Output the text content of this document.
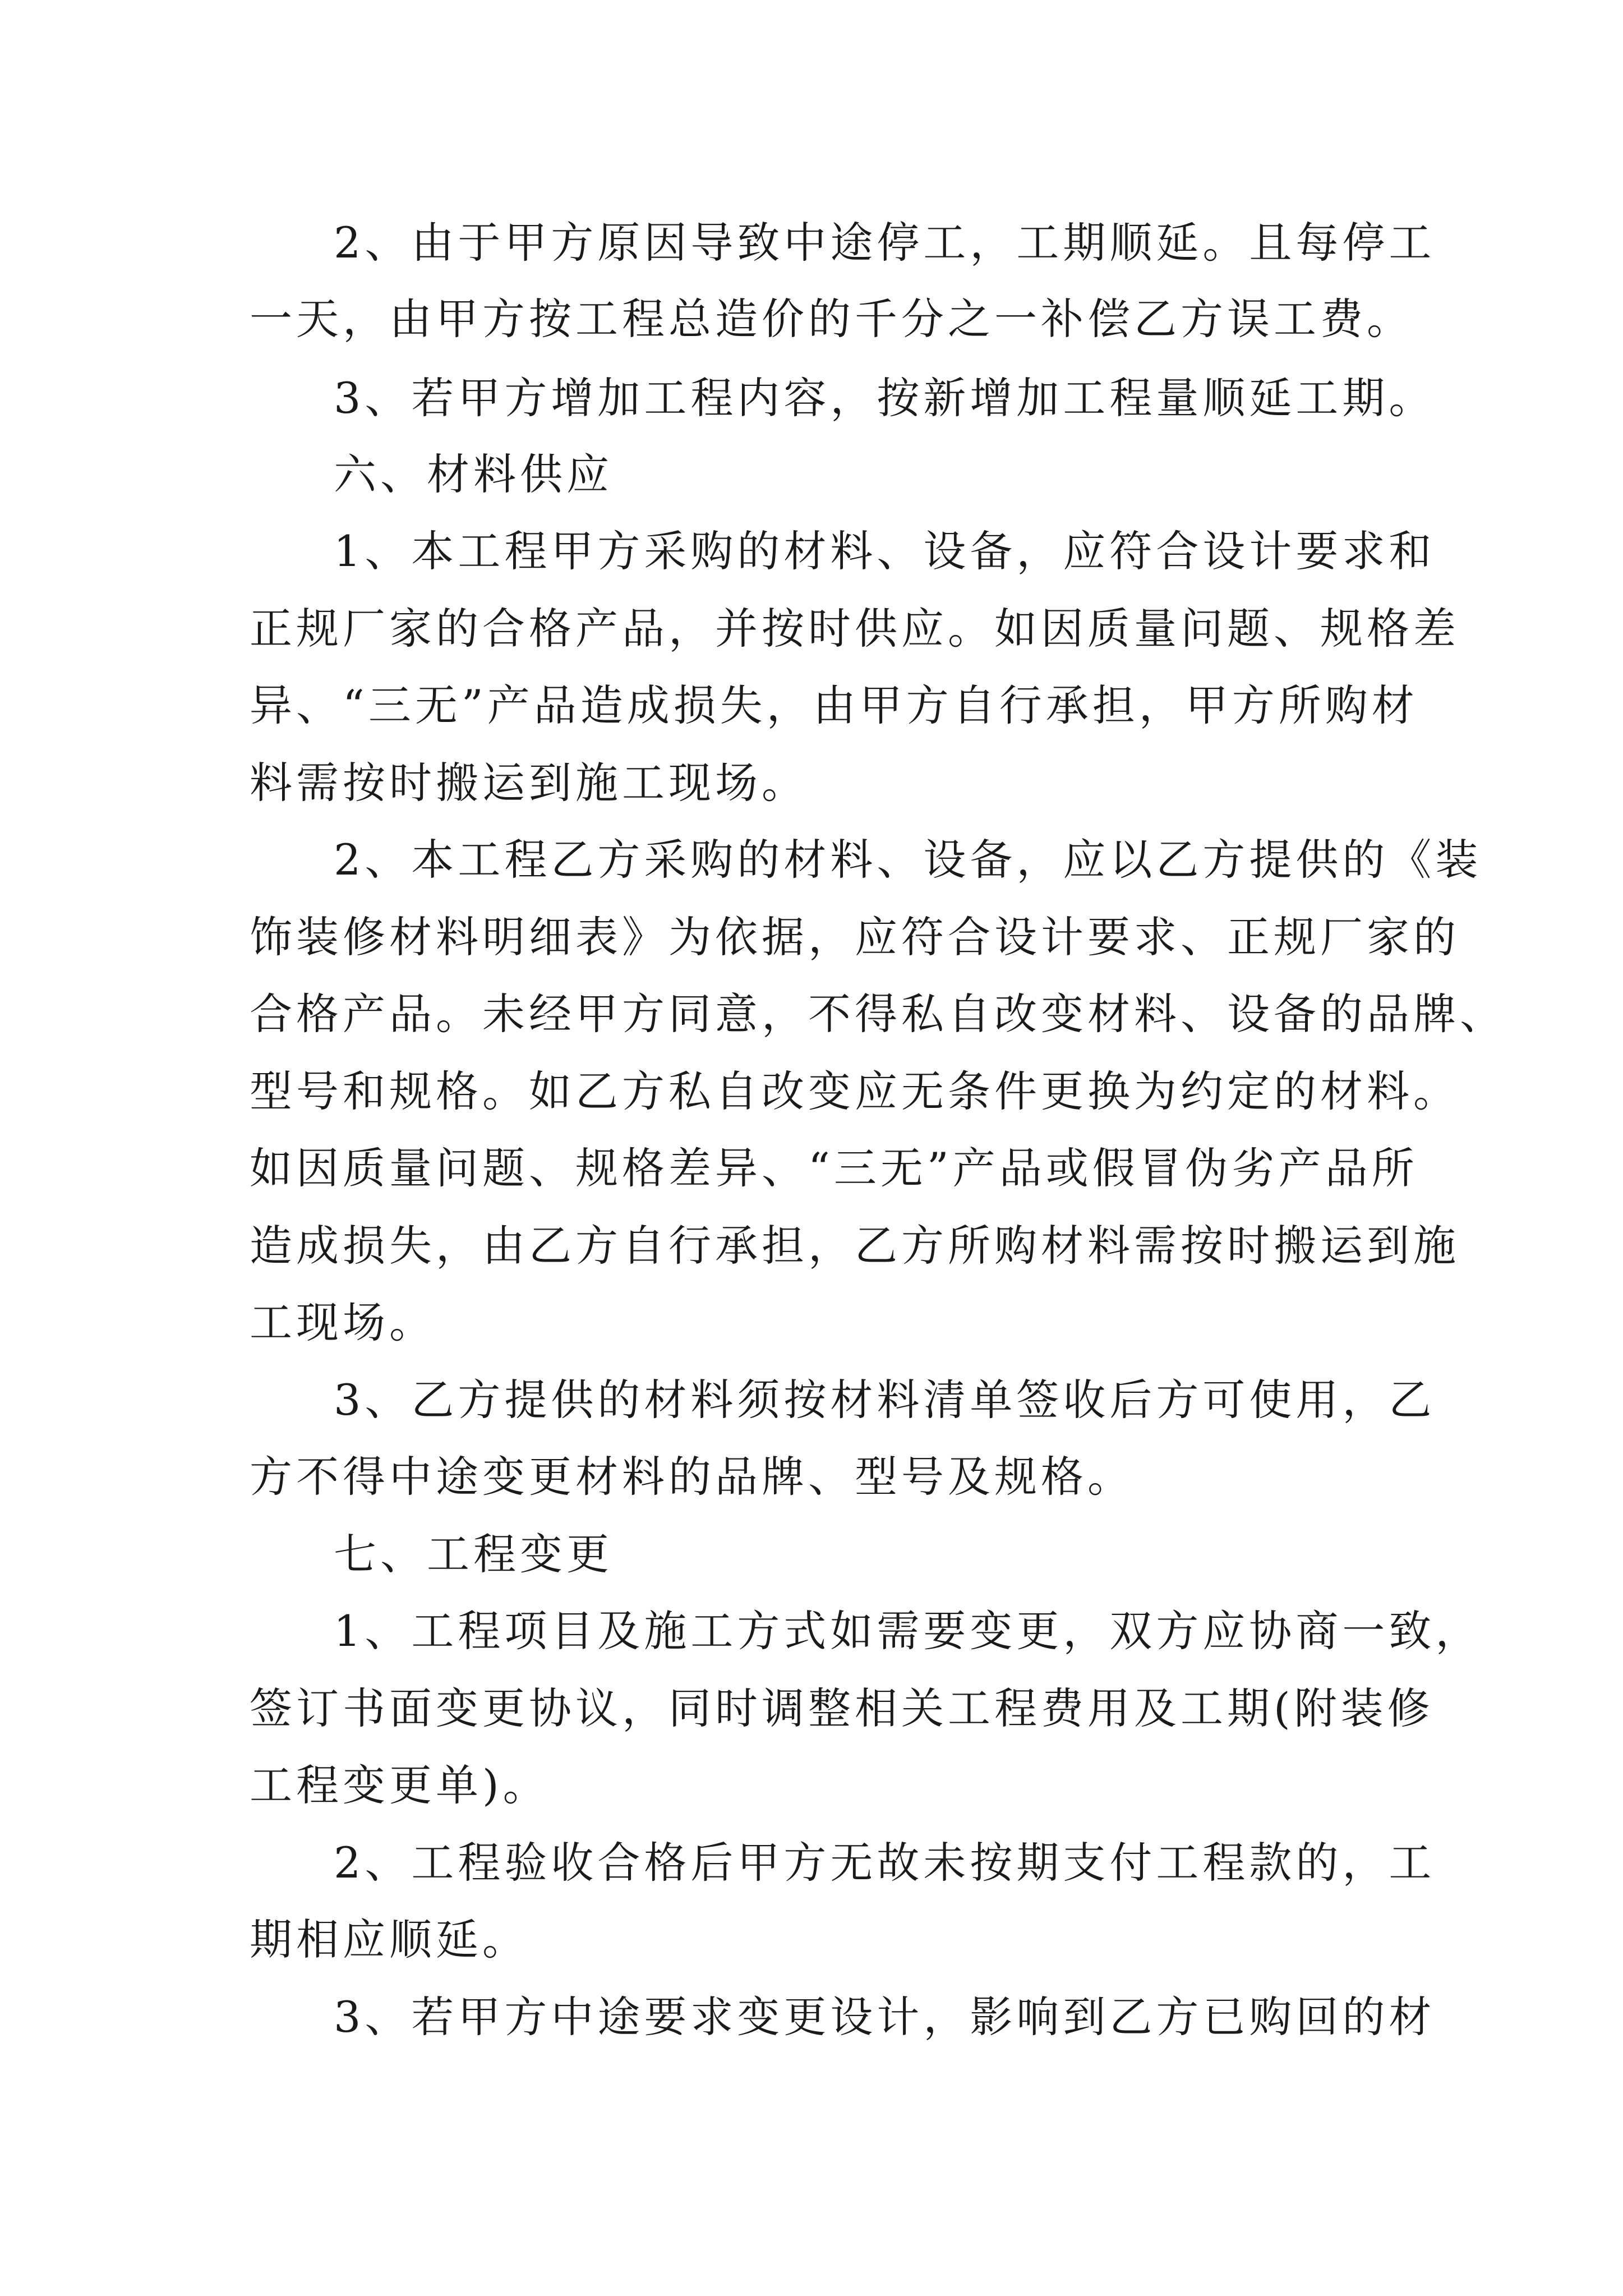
2、由于甲方原因导致中途停工，工期顺延。且每停工
一天，由甲方按工程总造价的千分之一补偿乙方误工费。
3、若甲方增加工程内容，按新增加工程量顺延工期。
六、材料供应
1、本工程甲方采购的材料、设备，应符合设计要求和
正规厂家的合格产品，并按时供应。如因质量问题、规格差
异、“三无”产品造成损失，由甲方自行承担，甲方所购材
料需按时搬运到施工现场。
2、本工程乙方采购的材料、设备，应以乙方提供的《装
饰装修材料明细表》为依据，应符合设计要求、正规厂家的
合格产品。未经甲方同意，不得私自改变材料、设备的品牌、
型号和规格。如乙方私自改变应无条件更换为约定的材料。
如因质量问题、规格差异、“三无”产品或假冒伪劣产品所
造成损失，由乙方自行承担，乙方所购材料需按时搬运到施
工现场。
3、乙方提供的材料须按材料清单签收后方可使用，乙
方不得中途变更材料的品牌、型号及规格。
七、工程变更
1、工程项目及施工方式如需要变更，双方应协商一致，
签订书面变更协议，同时调整相关工程费用及工期(附装修
工程变更单)。
2、工程验收合格后甲方无故未按期支付工程款的，工
期相应顺延。
3、若甲方中途要求变更设计，影响到乙方已购回的材
